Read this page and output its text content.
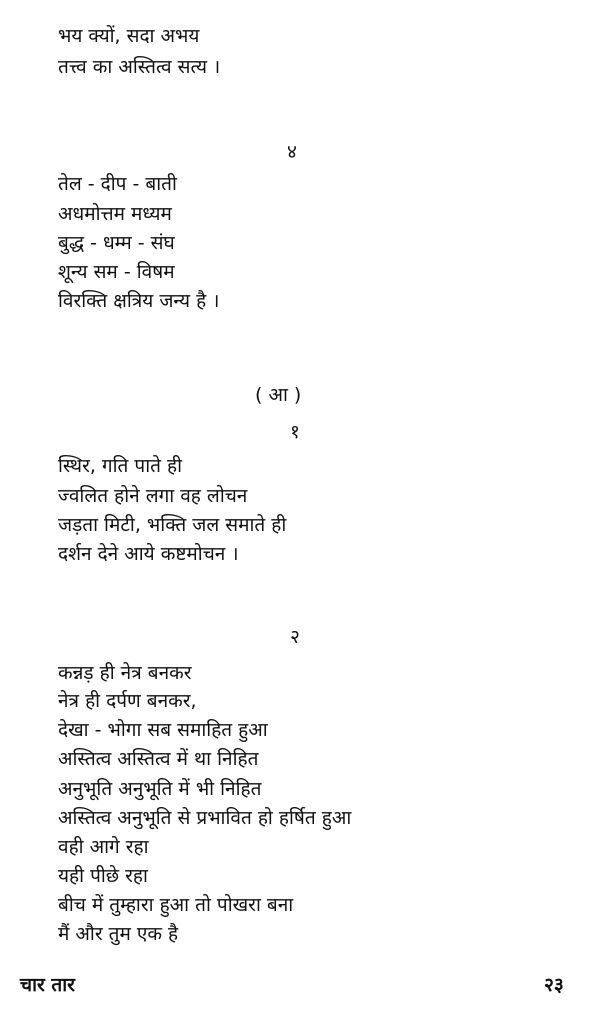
भय क्यों, सदा अभय
तत्त्व का अस्तित्व सत्य ।
४
तेल - दीप - बाती
अधमोत्तम मध्यम
बुद्ध - धम्म - संघ
शून्य सम - विषम
विरक्ति क्षत्रिय जन्य है ।
( आ )
१
स्थिर, गति पाते ही
ज्वलित होने लगा वह लोचन
जड़ता मिटी, भक्ति जल समाते ही
दर्शन देने आये कष्टमोचन ।
२
कन्नड़ ही नेत्र बनकर
नेत्र ही दर्पण बनकर,
देखा - भोगा सब समाहित हुआ
अस्तित्व अस्तित्व में था निहित
अनुभूति अनुभूति में भी निहित
अस्तित्व अनुभूति से प्रभावित हो हर्षित हुआ
वही आगे रहा
यही पीछे रहा
बीच में तुम्हारा हुआ तो पोखरा बना
मैं और तुम एक है
चार तार	२३
